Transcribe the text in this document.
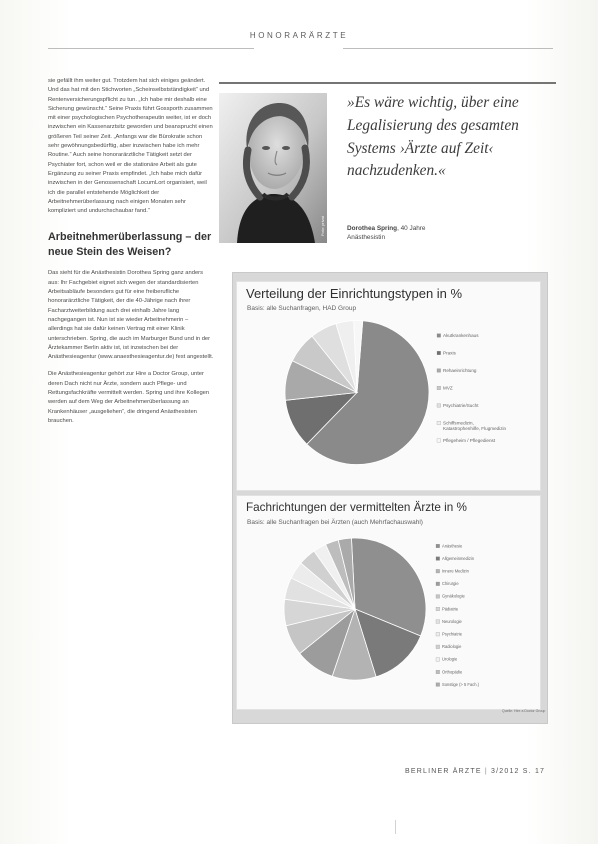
HONORARÄRZTE

sie gefällt ihm weiter gut. Trotzdem hat sich einiges geändert. Und das hat mit den Stichworten „Scheinselbstständigkeit“ und Rentenversicherungspflicht zu tun. „Ich habe mir deshalb eine Sicherung gewünscht.“ Seine Praxis führt Gossporth zusammen mit einer psychologischen Psychotherapeutin weiter, ist er doch inzwischen ein Kassenarztsitz geworden und beansprucht einen größeren Teil seiner Zeit. „Anfangs war die Bürokratie schon sehr gewöhnungsbedürftig, aber inzwischen habe ich mehr Routine.“ Auch seine honorarärztliche Tätigkeit setzt der Psychiater fort, schon weil er die stationäre Arbeit als gute Ergänzung zu seiner Praxis empfindet. „Ich habe mich dafür inzwischen in der Genossenschaft LocumLort organisiert, weil ich die parallel entstehende Möglichkeit der Arbeitnehmerüberlassung nach einigen Monaten sehr kompliziert und undurchschaubar fand.“

Arbeitnehmerüberlassung – der neue Stein des Weisen?

Das sieht für die Anästhesistin Dorothea Spring ganz anders aus: Ihr Fachgebiet eignet sich wegen der standardisierten Arbeitsabläufe besonders gut für eine freiberufliche honorarärztliche Tätigkeit, der die 40-Jährige nach ihrer Facharztweiterbildung auch drei einhalb Jahre lang nachgegangen ist. Nun ist sie wieder Arbeitnehmerin – allerdings hat sie dafür keinen Vertrag mit einer Klinik unterschrieben. Spring, die auch im Marburger Bund und in der Ärztekammer Berlin aktiv ist, ist inzwischen bei der Anästhesieagentur (www.anaesthesieagentur.de) fest angestellt.

Die Anästhesieagentur gehört zur Hire a Doctor Group, unter deren Dach nicht nur Ärzte, sondern auch Pflege- und Rettungsfachkräfte vermittelt werden. Spring und ihre Kollegen werden auf dem Weg der Arbeitnehmerüberlassung an Krankenhäuser „ausgeliehen“, die dringend Anästhesisten brauchen.

Foto: privat
»Es wäre wichtig, über eine Legalisierung des gesamten Systems ›Ärzte auf Zeit‹ nachzudenken.«
Dorothea Spring, 40 Jahre
Anästhesistin
Verteilung der Einrichtungstypen in %
Basis: alle Suchanfragen, HAD Group
Akutkrankenhaus
Praxis
Rehaeinrichtung
MVZ
Psychiatrie/Sucht
Schiffsmedizin, Katastrophenhilfe, Flugmedizin
Pflegeheim / Pflegedienst
Fachrichtungen der vermittelten Ärzte in %
Basis: alle Suchanfragen bei Ärzten (auch Mehrfachauswahl)
Anästhesie
Allgemeinmedizin
Innere Medizin
Chirurgie
Gynäkologie
Pädiatrie
Neurologie
Psychiatrie
Radiologie
Urologie
Orthopädie
Sonstige (> 5 Fach.)
Quelle: Hire a Doctor Group
BERLINER ÄRZTE | 3/2012 S. 17
